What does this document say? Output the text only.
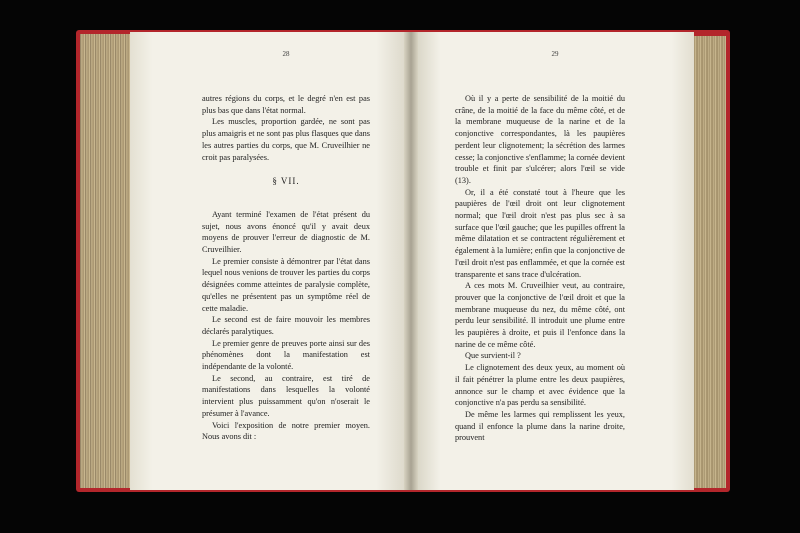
28	29

autres régions du corps, et le degré n'en est pas plus bas que dans l'état normal.

Les muscles, proportion gardée, ne sont pas plus amaigris et ne sont pas plus flasques que dans les autres parties du corps, que M. Cruveilhier ne croit pas paralysées.

§ VII.

Ayant terminé l'examen de l'état présent du sujet, nous avons énoncé qu'il y avait deux moyens de prouver l'erreur de diagnostic de M. Cruveilhier.

Le premier consiste à démontrer par l'état dans lequel nous venions de trouver les parties du corps désignées comme atteintes de paralysie complète, qu'elles ne présentent pas un symptôme réel de cette maladie.

Le second est de faire mouvoir les membres déclarés paralytiques.

Le premier genre de preuves porte ainsi sur des phénomènes dont la manifestation est indépendante de la volonté.

Le second, au contraire, est tiré de manifestations dans lesquelles la volonté intervient plus puissamment qu'on n'oserait le présumer à l'avance.

Voici l'exposition de notre premier moyen. Nous avons dit :

Où il y a perte de sensibilité de la moitié du crâne, de la moitié de la face du même côté, et de la membrane muqueuse de la narine et de la conjonctive correspondantes, là les paupières perdent leur clignotement; la sécrétion des larmes cesse; la conjonctive s'enflamme; la cornée devient trouble et finit par s'ulcérer; alors l'œil se vide (13).

Or, il a été constaté tout à l'heure que les paupières de l'œil droit ont leur clignotement normal; que l'œil droit n'est pas plus sec à sa surface que l'œil gauche; que les pupilles offrent la même dilatation et se contractent régulièrement et également à la lumière; enfin que la conjonctive de l'œil droit n'est pas enflammée, et que la cornée est transparente et sans trace d'ulcération.

A ces mots M. Cruveilhier veut, au contraire, prouver que la conjonctive de l'œil droit et que la membrane muqueuse du nez, du même côté, ont perdu leur sensibilité. Il introduit une plume entre les paupières à droite, et puis il l'enfonce dans la narine de ce même côté.

Que survient-il ?

Le clignotement des deux yeux, au moment où il fait pénétrer la plume entre les deux paupières, annonce sur le champ et avec évidence que la conjonctive n'a pas perdu sa sensibilité.

De même les larmes qui remplissent les yeux, quand il enfonce la plume dans la narine droite, prouvent
